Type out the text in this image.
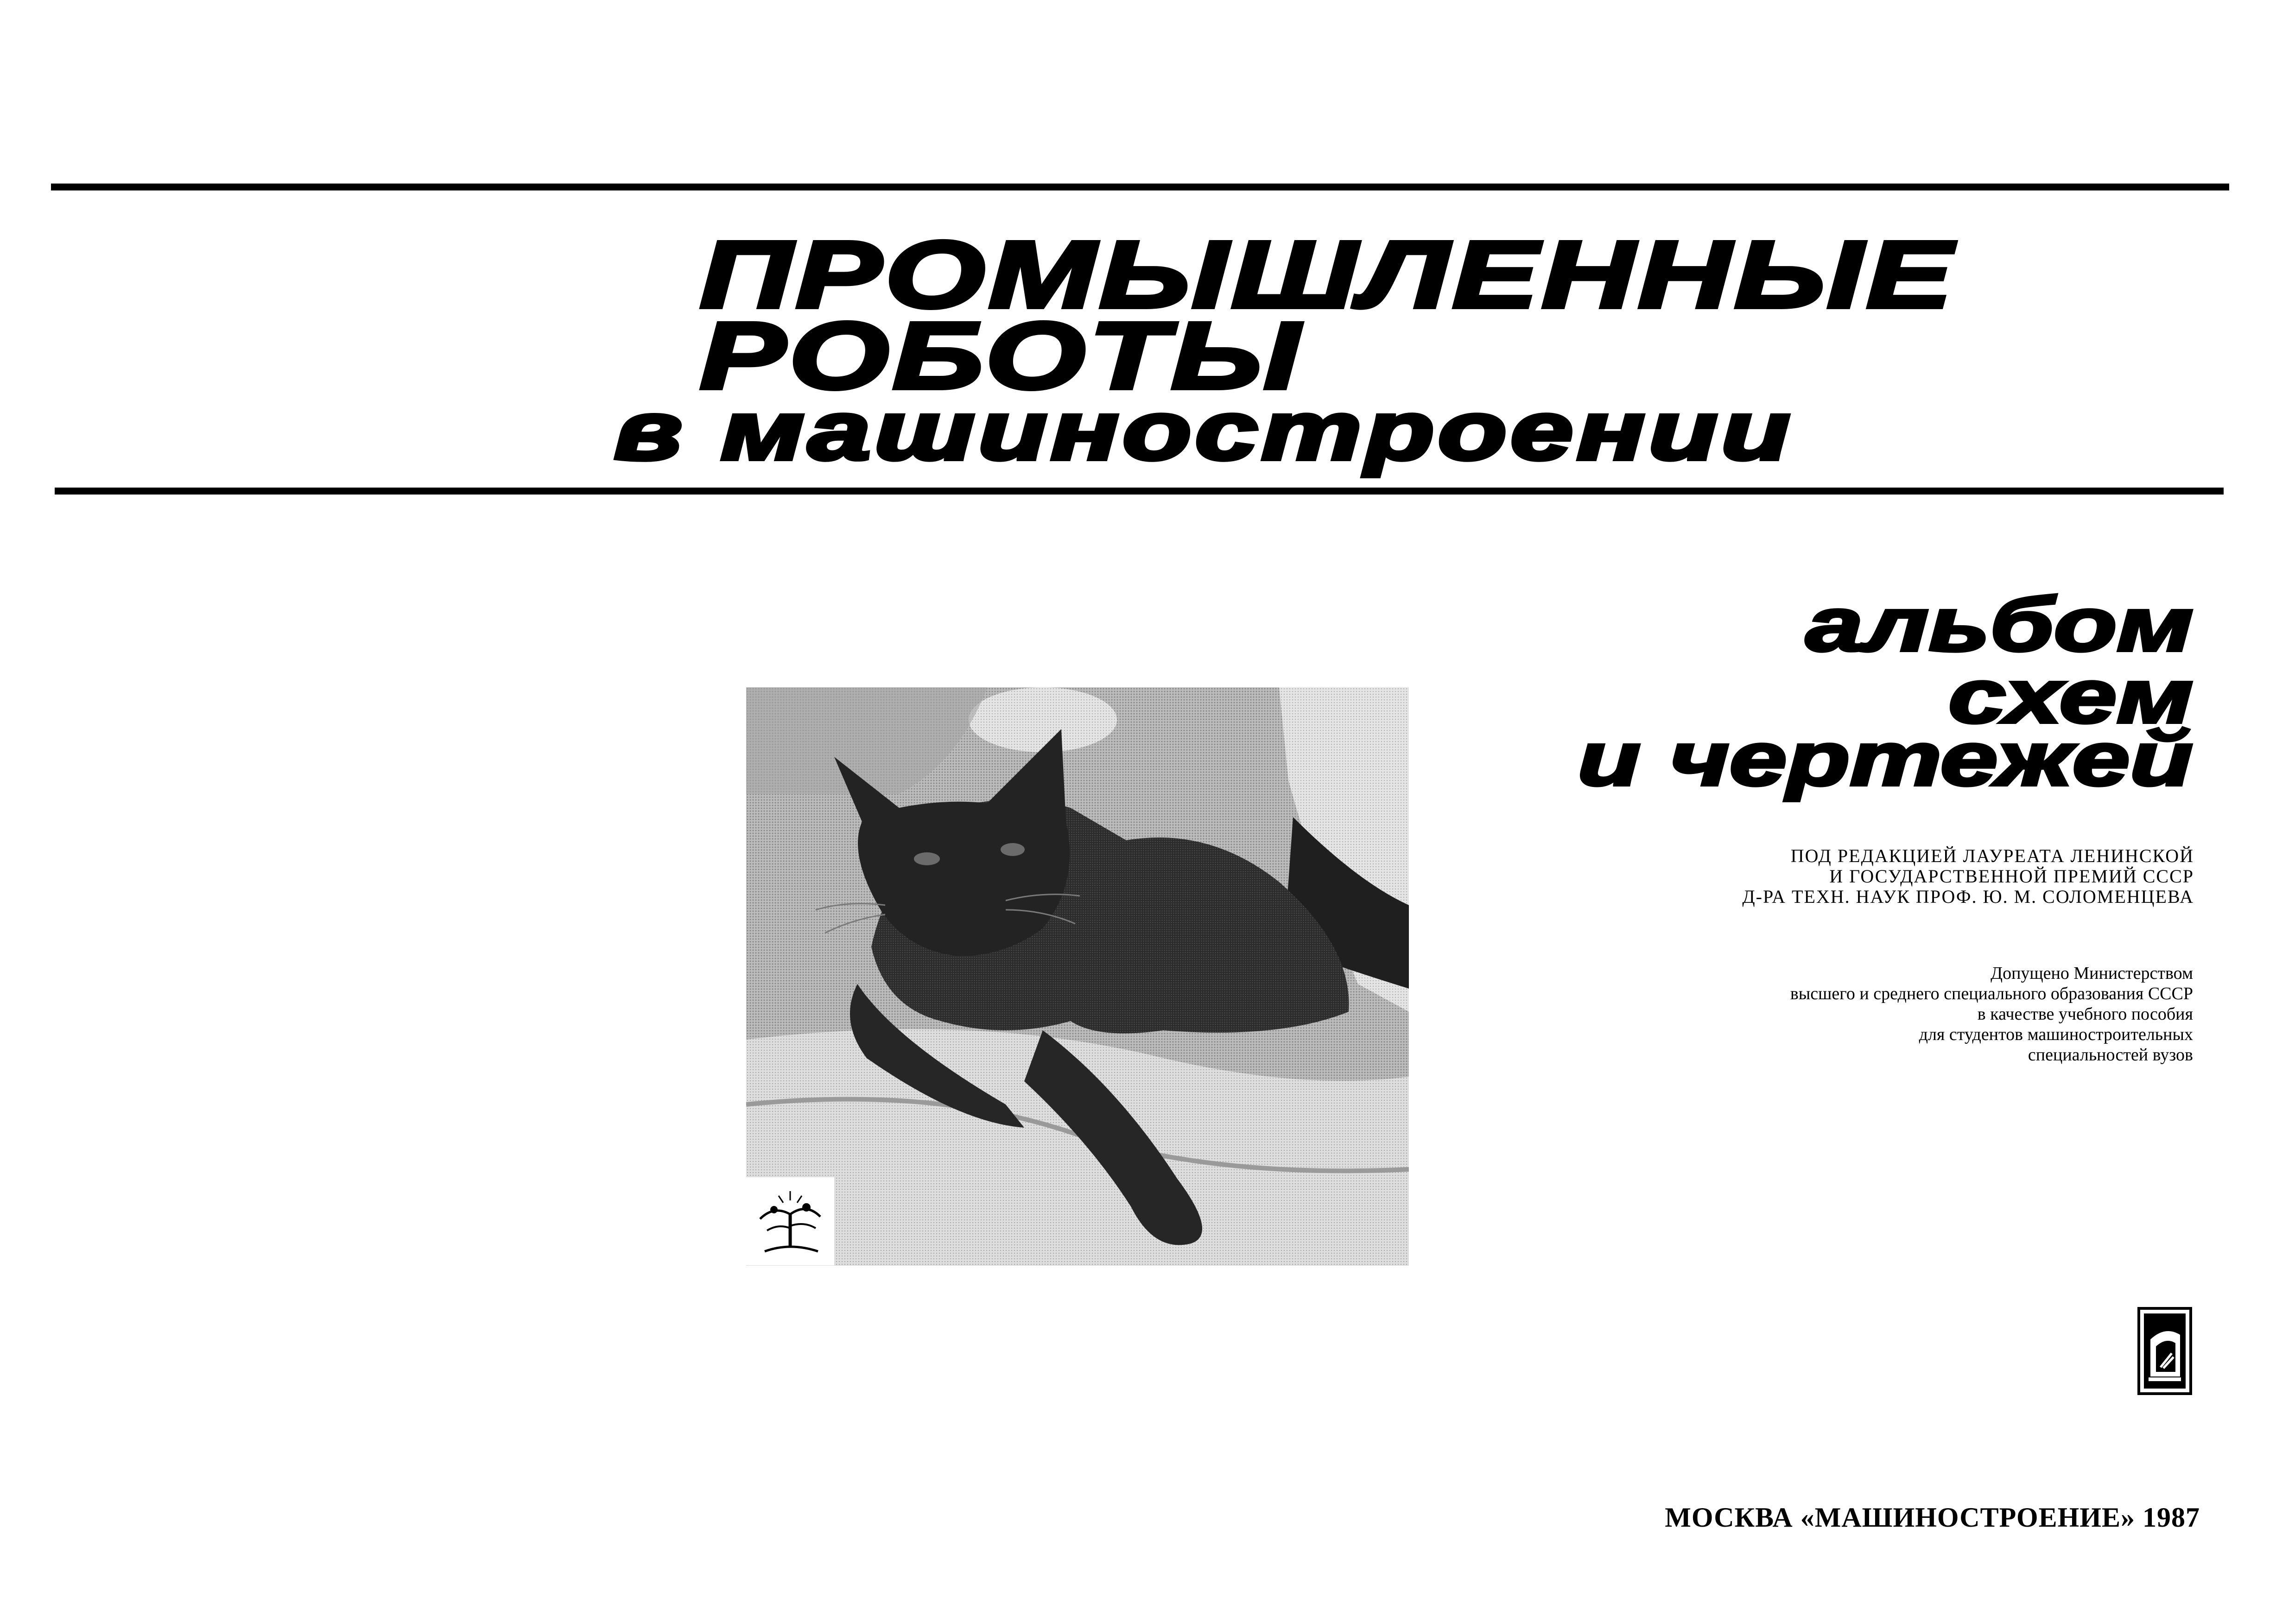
ПРОМЫШЛЕННЫЕ
РОБОТЫ
в машиностроении
альбом
схем
и чертежей
ПОД РЕДАКЦИЕЙ ЛАУРЕАТА ЛЕНИНСКОЙ
И ГОСУДАРСТВЕННОЙ ПРЕМИЙ СССР
Д-РА ТЕХН. НАУК ПРОФ. Ю. М. СОЛОМЕНЦЕВА
Допущено Министерством
высшего и среднего специального образования СССР
в качестве учебного пособия
для студентов машиностроительных
специальностей вузов
МОСКВА «МАШИНОСТРОЕНИЕ» 1987
